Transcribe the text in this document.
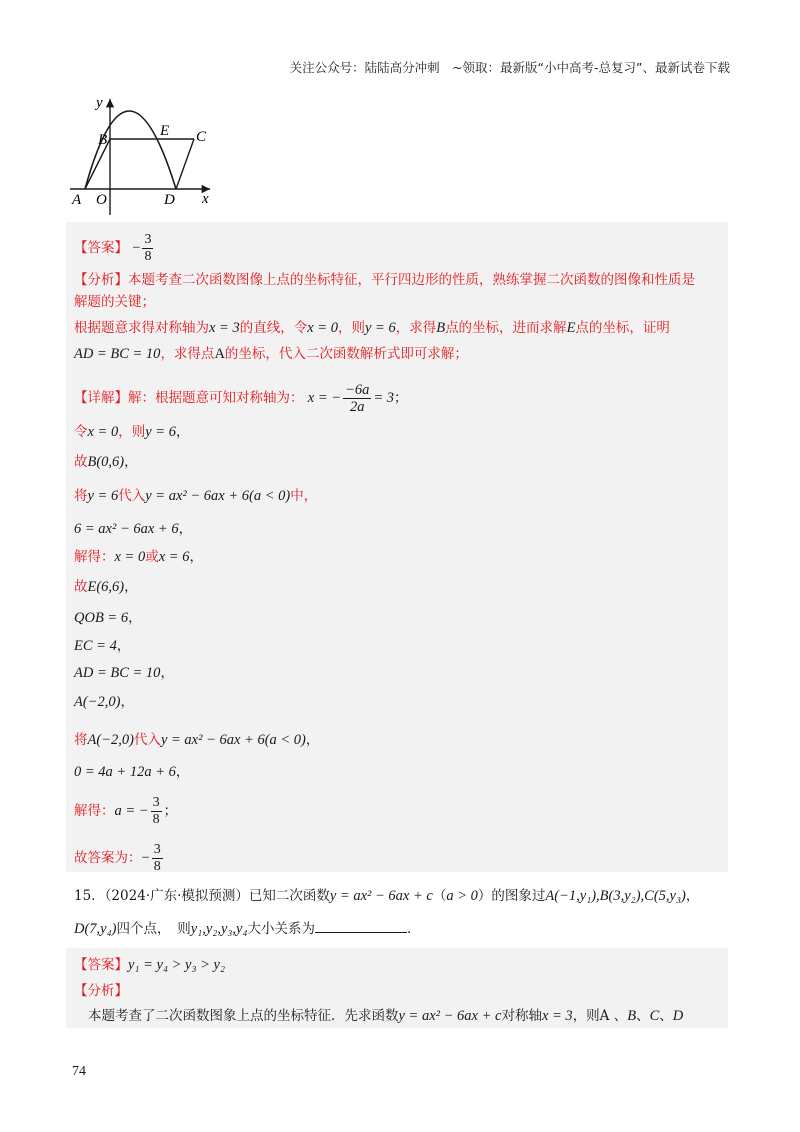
关注公众号：陆陆高分冲刺　~领取：最新版“小中高考-总复习”、最新试卷下载
y
x
A O
B
E C
D
【答案】 − $\frac{3}{8}$
【分析】本题考查二次函数图像上点的坐标特征，平行四边形的性质，熟练掌握二次函数的图像和性质是
解题的关键；
根据题意求得对称轴为x = 3的直线，令x = 0，则y = 6，求得B点的坐标，进而求解E点的坐标，证明
AD = BC = 10，求得点A的坐标，代入二次函数解析式即可求解；
【详解】解：根据题意可知对称轴为： x = − $\frac{-6a}{2a} = 3$；
令x = 0，则y = 6，
故B(0,6)，
将y = 6代入y = ax² − 6ax + 6(a < 0)中，
6 = ax² − 6ax + 6，
解得：x = 0或x = 6，
故E(6,6)，
QOB = 6，
EC = 4，
AD = BC = 10，
A(−2,0)，
将A(−2,0)代入y = ax² − 6ax + 6(a < 0)，
0 = 4a + 12a + 6，
解得：a = − $\frac{3}{8}$ ；
故答案为：− $\frac{3}{8}$
15．（2024·广东·模拟预测）已知二次函数y = ax² − 6ax + c（a > 0）的图象过A(−1,y₁),B(3,y₂),C(5,y₃)，
D(7,y₄)四个点，　则y₁,y₂,y₃,y₄大小关系为	．
【答案】y₁ = y₄ > y₃ > y₂
【分析】
本题考查了二次函数图象上点的坐标特征．先求函数y = ax² − 6ax + c对称轴x = 3，则A 、B、C、D
74
